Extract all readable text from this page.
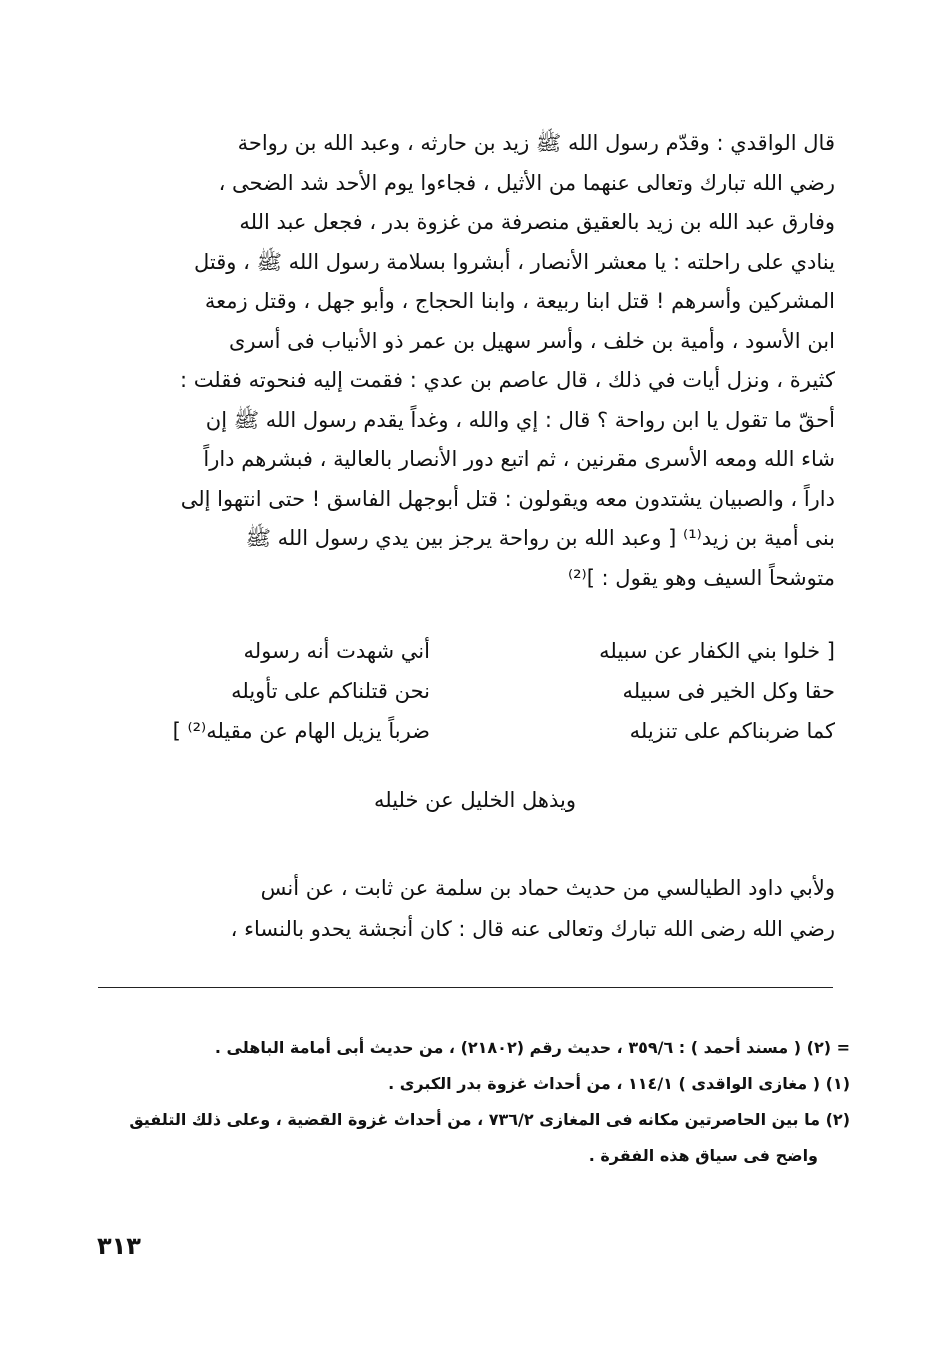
قال الواقدي : وقدّم رسول الله ﷺ زيد بن حارثه ، وعبد الله بن رواحة

رضي الله تبارك وتعالى عنهما من الأثيل ، فجاءوا يوم الأحد شد الضحى ،

وفارق عبد الله بن زيد بالعقيق منصرفة من غزوة بدر ، فجعل عبد الله

ينادي على راحلته : يا معشر الأنصار ، أبشروا بسلامة رسول الله ﷺ ، وقتل

المشركين وأسرهم ! قتل ابنا ربيعة ، وابنا الحجاج ، وأبو جهل ، وقتل زمعة

ابن الأسود ، وأمية بن خلف ، وأسر سهيل بن عمر ذو الأنياب فى أسرى

كثيرة ، ونزل أيات في ذلك ، قال عاصم بن عدي : فقمت إليه فنحوته فقلت :

أحقّ ما تقول يا ابن رواحة ؟ قال : إي والله ، وغداً يقدم رسول الله ﷺ إن

شاء الله ومعه الأسرى مقرنين ، ثم اتبع دور الأنصار بالعالية ، فبشرهم داراً

داراً ، والصبيان يشتدون معه ويقولون : قتل أبوجهل الفاسق ! حتى انتهوا إلى

بنى أمية بن زيد⁽¹⁾ [ وعبد الله بن رواحة يرجز بين يدي رسول الله ﷺ

متوشحاً السيف وهو يقول : ]⁽²⁾

[ خلوا بني الكفار عن سبيله
أني شهدت أنه رسوله
حقا وكل الخير فى سبيله
نحن قتلناكم على تأويله
كما ضربناكم على تنزيله
ضرباً يزيل الهام عن مقيله⁽²⁾ ]
ويذهل الخليل عن خليله
ولأبي داود الطيالسي من حديث حماد بن سلمة عن ثابت ، عن أنس
رضي الله رضى الله تبارك وتعالى عنه قال : كان أنجشة يحدو بالنساء ،
= (٢) ( مسند أحمد ) : ٣٥٩/٦ ، حديث رقم (٢١٨٠٢) ، من حديث أبى أمامة الباهلى .
(١) ( مغازى الواقدى ) ١١٤/١ ، من أحداث غزوة بدر الكبرى .
(٢) ما بين الحاصرتين مكانه فى المغازى ٧٣٦/٢ ، من أحداث غزوة القضية ، وعلى ذلك التلفيق
واضح فى سياق هذه الفقرة .
٣١٣
